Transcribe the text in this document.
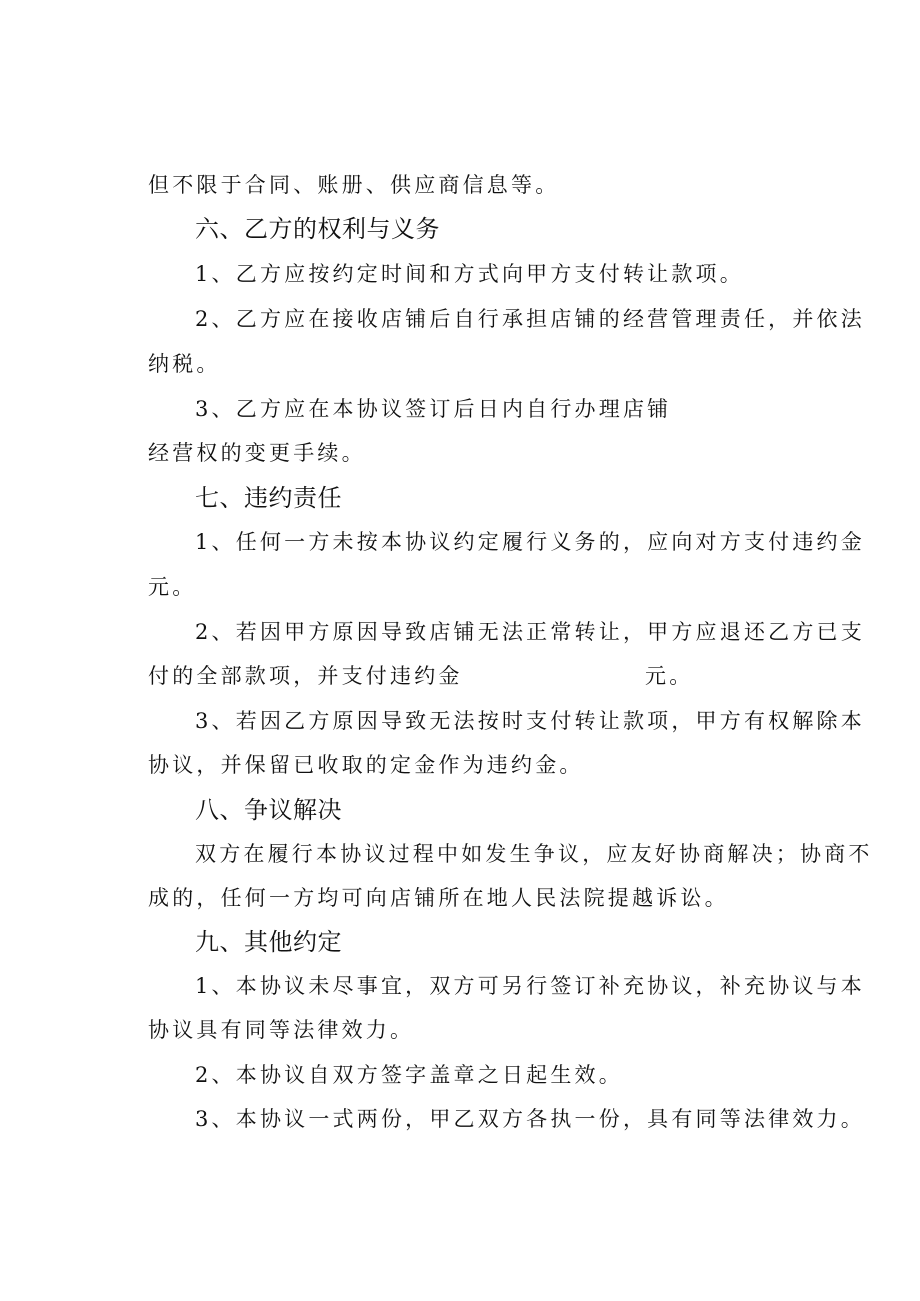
但不限于合同、账册、供应商信息等。
六、乙方的权利与义务
1、乙方应按约定时间和方式向甲方支付转让款项。
2、乙方应在接收店铺后自行承担店铺的经营管理责任，并依法
纳税。
3、乙方应在本协议签订后日内自行办理店铺
经营权的变更手续。
七、违约责任
1、任何一方未按本协议约定履行义务的，应向对方支付违约金
元。
2、若因甲方原因导致店铺无法正常转让，甲方应退还乙方已支
付的全部款项，并支付违约金	元。
3、若因乙方原因导致无法按时支付转让款项，甲方有权解除本
协议，并保留已收取的定金作为违约金。
八、争议解决
双方在履行本协议过程中如发生争议，应友好协商解决；协商不
成的，任何一方均可向店铺所在地人民法院提越诉讼。
九、其他约定
1、本协议未尽事宜，双方可另行签订补充协议，补充协议与本
协议具有同等法律效力。
2、本协议自双方签字盖章之日起生效。
3、本协议一式两份，甲乙双方各执一份，具有同等法律效力。
